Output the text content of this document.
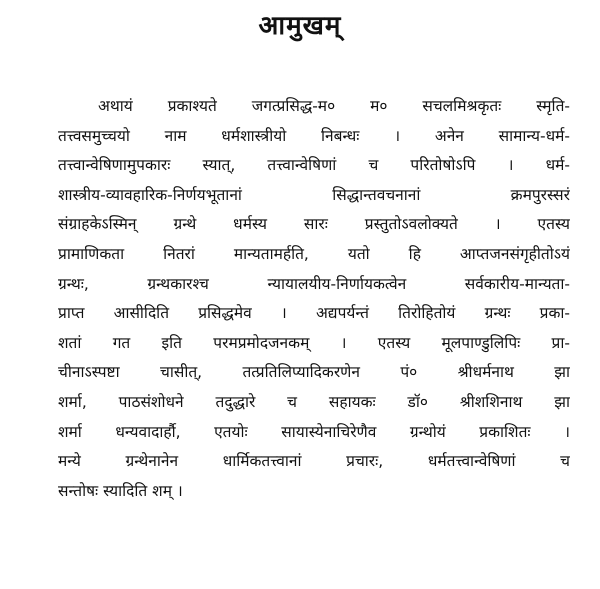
आमुखम्
अथायं प्रकाश्यते जगत्प्रसिद्ध-म० म० सचलमिश्रकृतः स्मृति-
तत्त्वसमुच्चयो नाम धर्मशास्त्रीयो निबन्धः । अनेन सामान्य-धर्म-
तत्त्वान्वेषिणामुपकारः स्यात्, तत्त्वान्वेषिणां च परितोषोऽपि । धर्म-
शास्त्रीय-व्यावहारिक-निर्णयभूतानां सिद्धान्तवचनानां क्रमपुरस्सरं
संग्राहकेऽस्मिन् ग्रन्थे धर्मस्य सारः प्रस्तुतोऽवलोक्यते । एतस्य
प्रामाणिकता नितरां मान्यतामर्हति, यतो हि आप्तजनसंगृहीतोऽयं
ग्रन्थः, ग्रन्थकारश्च न्यायालयीय-निर्णायकत्वेन सर्वकारीय-मान्यता-
प्राप्त आसीदिति प्रसिद्धमेव । अद्यपर्यन्तं तिरोहितोयं ग्रन्थः प्रका-
शतां गत इति परमप्रमोदजनकम् । एतस्य मूलपाण्डुलिपिः प्रा-
चीनाऽस्पष्टा चासीत्, तत्प्रतिलिप्यादिकरणेन पं० श्रीधर्मनाथ झा
शर्मा, पाठसंशोधने तदुद्धारे च सहायकः डॉ० श्रीशशिनाथ झा
शर्मा धन्यवादार्हौ, एतयोः सायास्येनाचिरेणैव ग्रन्थोयं प्रकाशितः ।
मन्ये ग्रन्थेनानेन धार्मिकतत्त्वानां प्रचारः, धर्मतत्त्वान्वेषिणां च
सन्तोषः स्यादिति शम् ।
